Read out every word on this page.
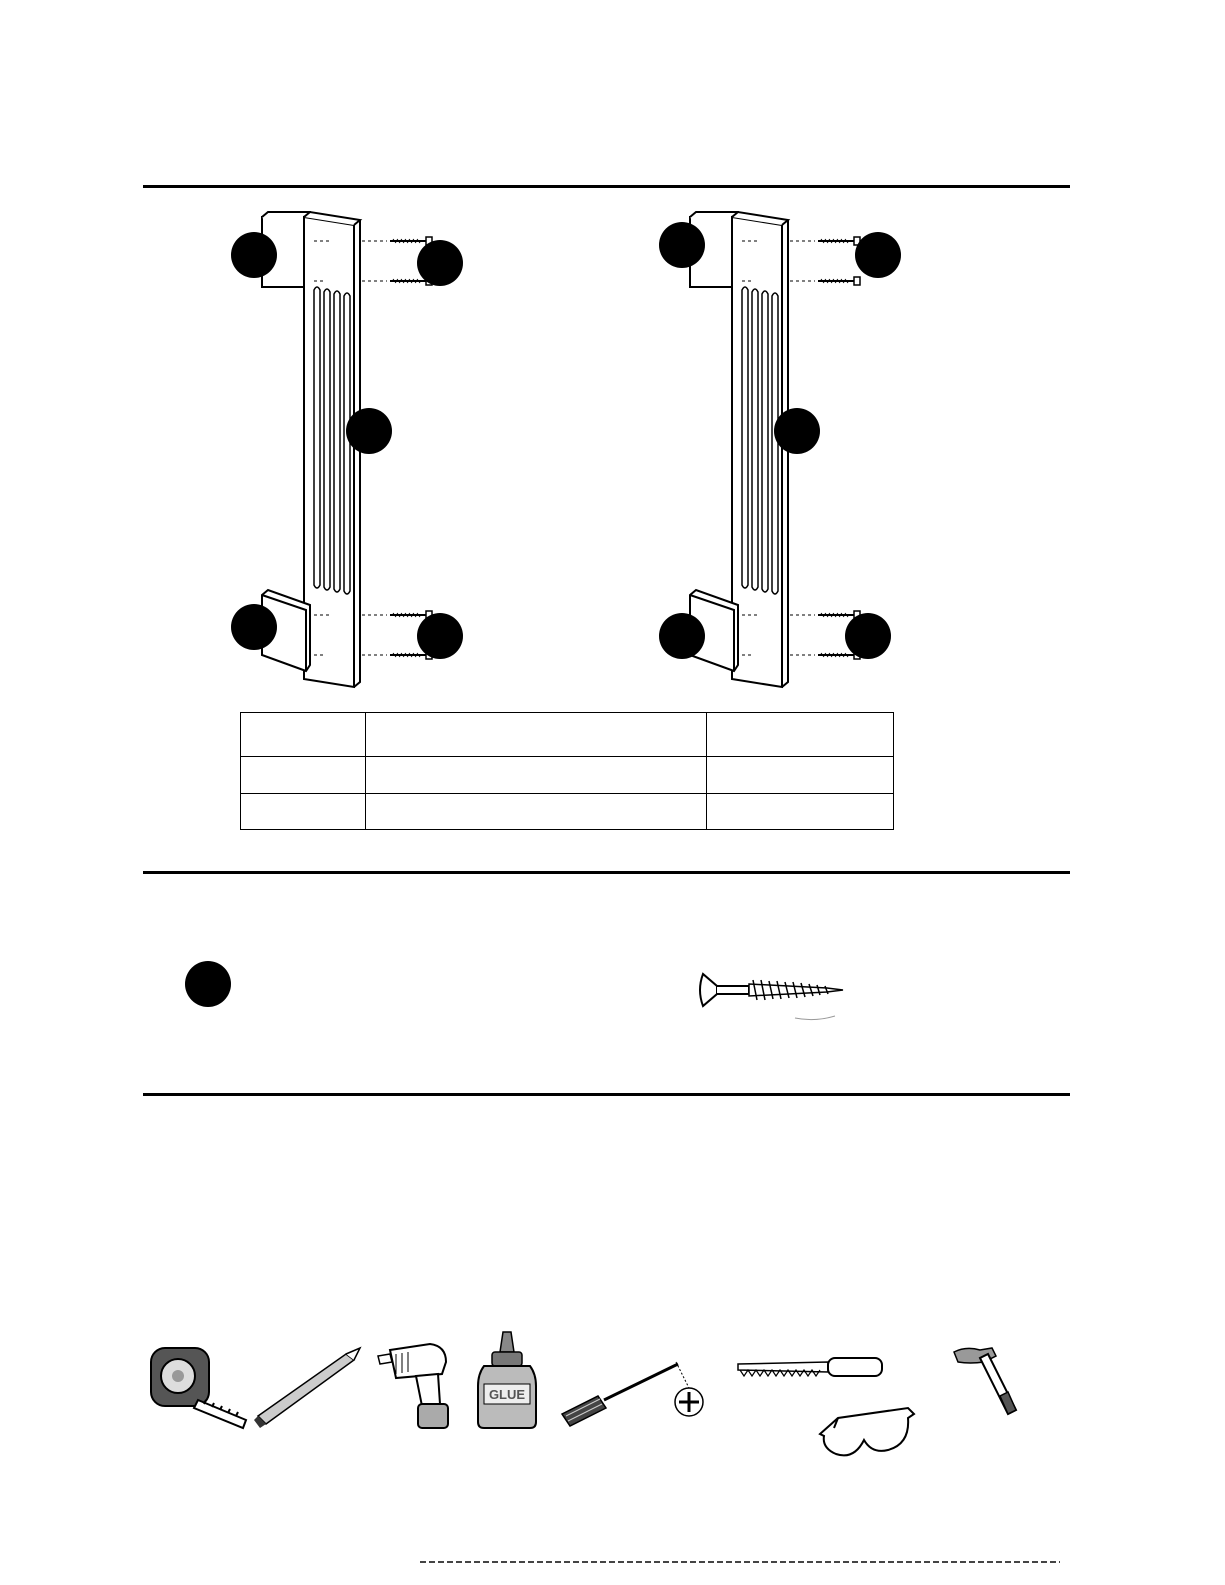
GLUE
